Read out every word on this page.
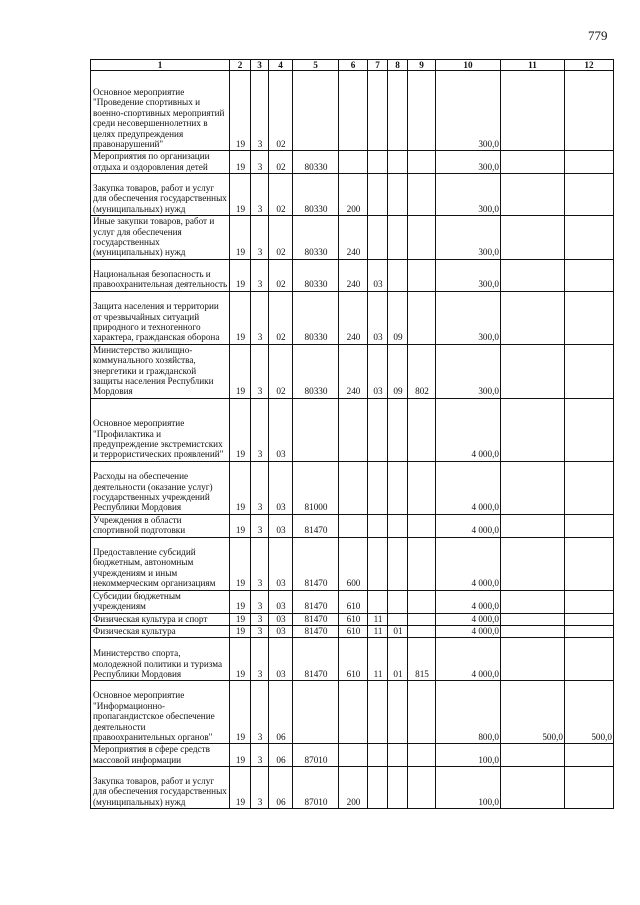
779
1	2	3	4	5	6	7	8	9	10	11	12
Основное мероприятие "Проведение спортивных и военно-спортивных мероприятий среди несовершеннолетних в целях предупреждения правонарушений"	19	3	02						300,0		
Мероприятия по организации отдыха и оздоровления детей	19	3	02	80330					300,0		
Закупка товаров, работ и услуг для обеспечения государственных (муниципальных) нужд	19	3	02	80330	200				300,0		
Иные закупки товаров, работ и услуг для обеспечения государственных (муниципальных) нужд	19	3	02	80330	240				300,0		
Национальная безопасность и правоохранительная деятельность	19	3	02	80330	240	03			300,0		
Защита населения и территории от чрезвычайных ситуаций природного и техногенного характера, гражданская оборона	19	3	02	80330	240	03	09		300,0		
Министерство жилищно-коммунального хозяйства, энергетики и гражданской защиты населения Республики Мордовия	19	3	02	80330	240	03	09	802	300,0		
Основное мероприятие "Профилактика и предупреждение экстремистских и террористических проявлений"	19	3	03						4 000,0		
Расходы на обеспечение деятельности (оказание услуг) государственных учреждений Республики Мордовия	19	3	03	81000					4 000,0		
Учреждения в области спортивной подготовки	19	3	03	81470					4 000,0		
Предоставление субсидий бюджетным, автономным учреждениям и иным некоммерческим организациям	19	3	03	81470	600				4 000,0		
Субсидии бюджетным учреждениям	19	3	03	81470	610				4 000,0		
Физическая культура и спорт	19	3	03	81470	610	11			4 000,0		
Физическая культура	19	3	03	81470	610	11	01		4 000,0		
Министерство спорта, молодежной политики и туризма Республики Мордовия	19	3	03	81470	610	11	01	815	4 000,0		
Основное мероприятие "Информационно-пропагандистское обеспечение деятельности правоохранительных органов"	19	3	06						800,0	500,0	500,0
Мероприятия в сфере средств массовой информации	19	3	06	87010					100,0		
Закупка товаров, работ и услуг для обеспечения государственных (муниципальных) нужд	19	3	06	87010	200				100,0		
